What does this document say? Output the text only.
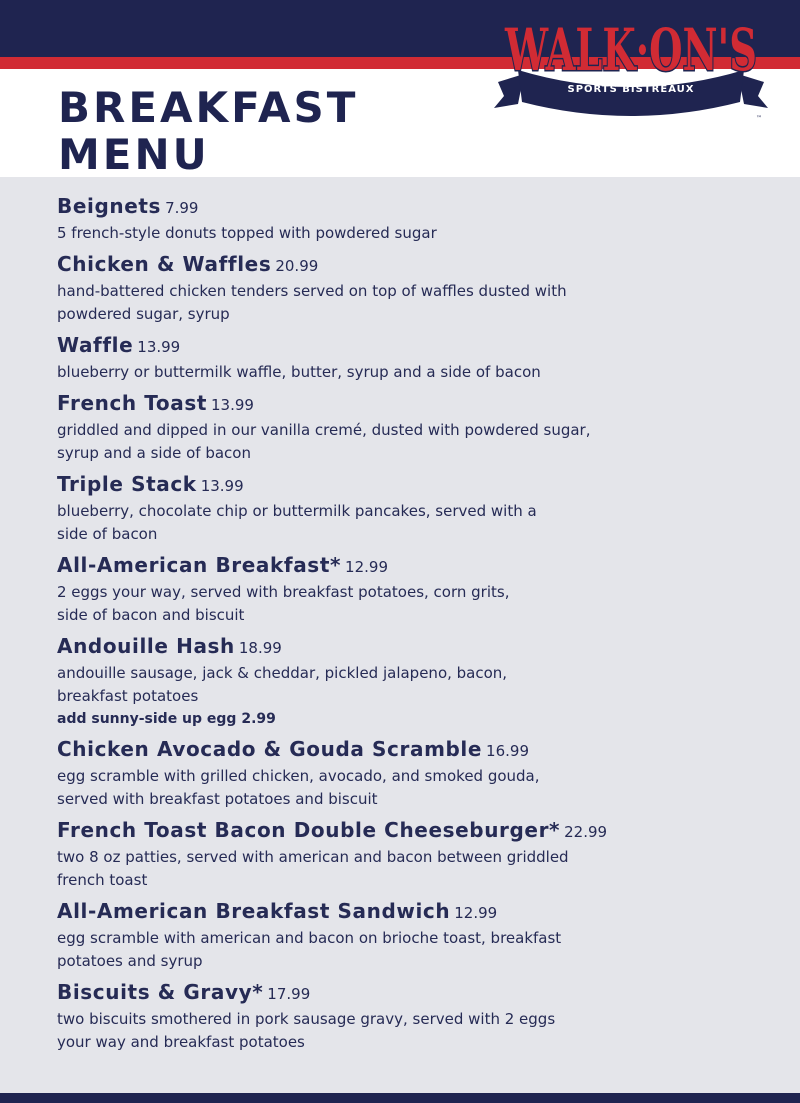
BREAKFAST
MENU
SPORTS BISTREAUX
WALK·ON'S
™

Beignets 7.99

5 french-style donuts topped with powdered sugar

Chicken & Waffles 20.99

hand-battered chicken tenders served on top of waffles dusted with

powdered sugar, syrup

Waffle 13.99

blueberry or buttermilk waffle, butter, syrup and a side of bacon

French Toast 13.99

griddled and dipped in our vanilla cremé, dusted with powdered sugar,

syrup and a side of bacon

Triple Stack 13.99

blueberry, chocolate chip or buttermilk pancakes, served with a

side of bacon

All-American Breakfast* 12.99

2 eggs your way, served with breakfast potatoes, corn grits,

side of bacon and biscuit

Andouille Hash 18.99

andouille sausage, jack & cheddar, pickled jalapeno, bacon,

breakfast potatoes

add sunny-side up egg 2.99

Chicken Avocado & Gouda Scramble 16.99

egg scramble with grilled chicken, avocado, and smoked gouda,

served with breakfast potatoes and biscuit

French Toast Bacon Double Cheeseburger* 22.99

two 8 oz patties, served with american and bacon between griddled

french toast

All-American Breakfast Sandwich 12.99

egg scramble with american and bacon on brioche toast, breakfast

potatoes and syrup

Biscuits & Gravy* 17.99

two biscuits smothered in pork sausage gravy, served with 2 eggs

your way and breakfast potatoes
